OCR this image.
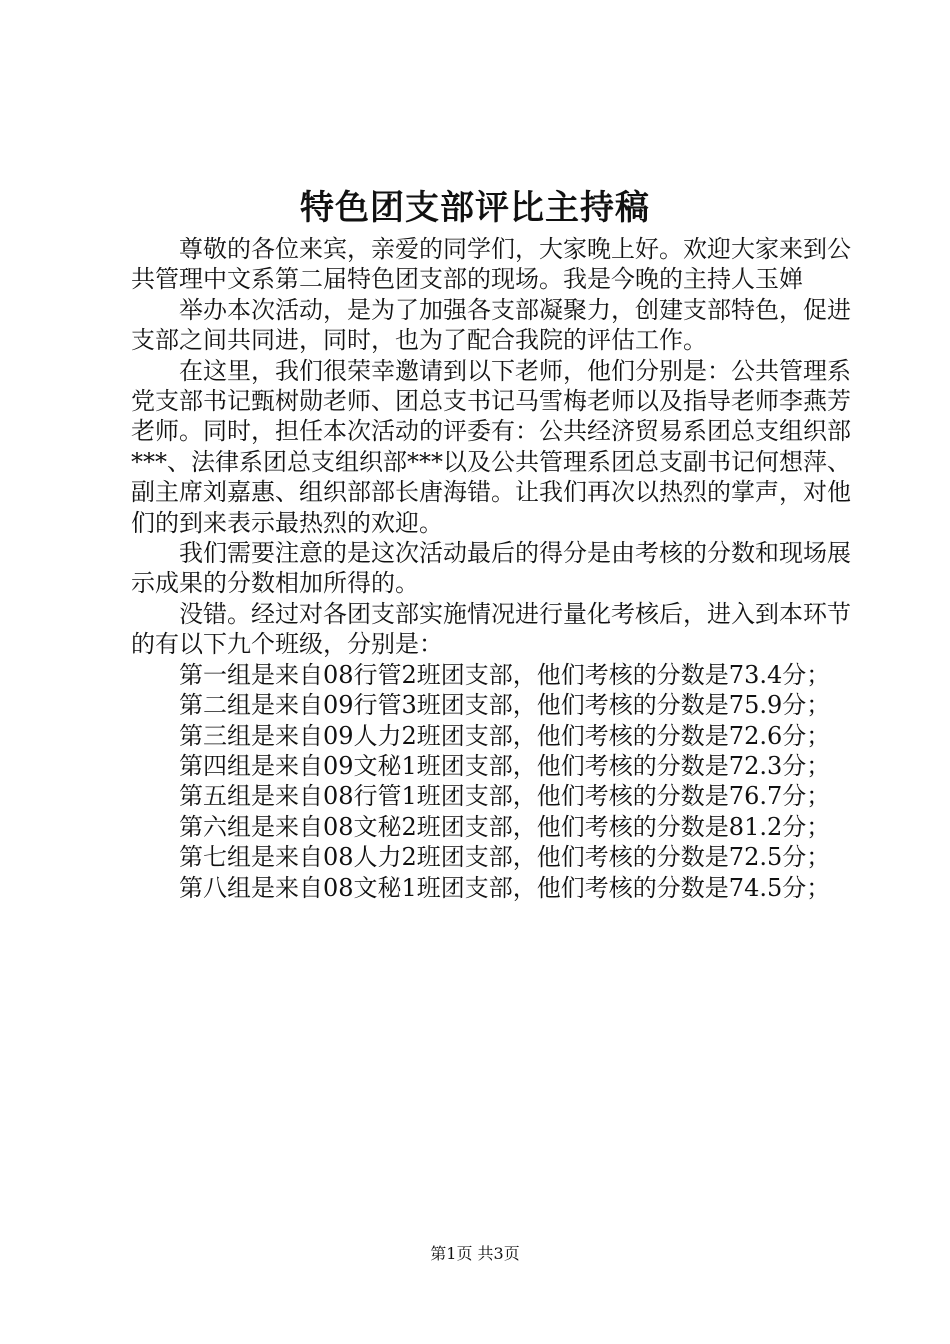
特色团支部评比主持稿

尊敬的各位来宾，亲爱的同学们，大家晚上好。欢迎大家来到公共管理中文系第二届特色团支部的现场。我是今晚的主持人玉婵

举办本次活动，是为了加强各支部凝聚力，创建支部特色，促进支部之间共同进，同时，也为了配合我院的评估工作。

在这里，我们很荣幸邀请到以下老师，他们分别是：公共管理系党支部书记甄树勋老师、团总支书记马雪梅老师以及指导老师李燕芳老师。同时，担任本次活动的评委有：公共经济贸易系团总支组织部***、法律系团总支组织部***以及公共管理系团总支副书记何想萍、副主席刘嘉惠、组织部部长唐海错。让我们再次以热烈的掌声，对他们的到来表示最热烈的欢迎。

我们需要注意的是这次活动最后的得分是由考核的分数和现场展示成果的分数相加所得的。

没错。经过对各团支部实施情况进行量化考核后，进入到本环节的有以下九个班级，分别是：

第一组是来自08行管2班团支部，他们考核的分数是73.4分；

第二组是来自09行管3班团支部，他们考核的分数是75.9分；

第三组是来自09人力2班团支部，他们考核的分数是72.6分；

第四组是来自09文秘1班团支部，他们考核的分数是72.3分；

第五组是来自08行管1班团支部，他们考核的分数是76.7分；

第六组是来自08文秘2班团支部，他们考核的分数是81.2分；

第七组是来自08人力2班团支部，他们考核的分数是72.5分；

第八组是来自08文秘1班团支部，他们考核的分数是74.5分；

第1页 共3页
